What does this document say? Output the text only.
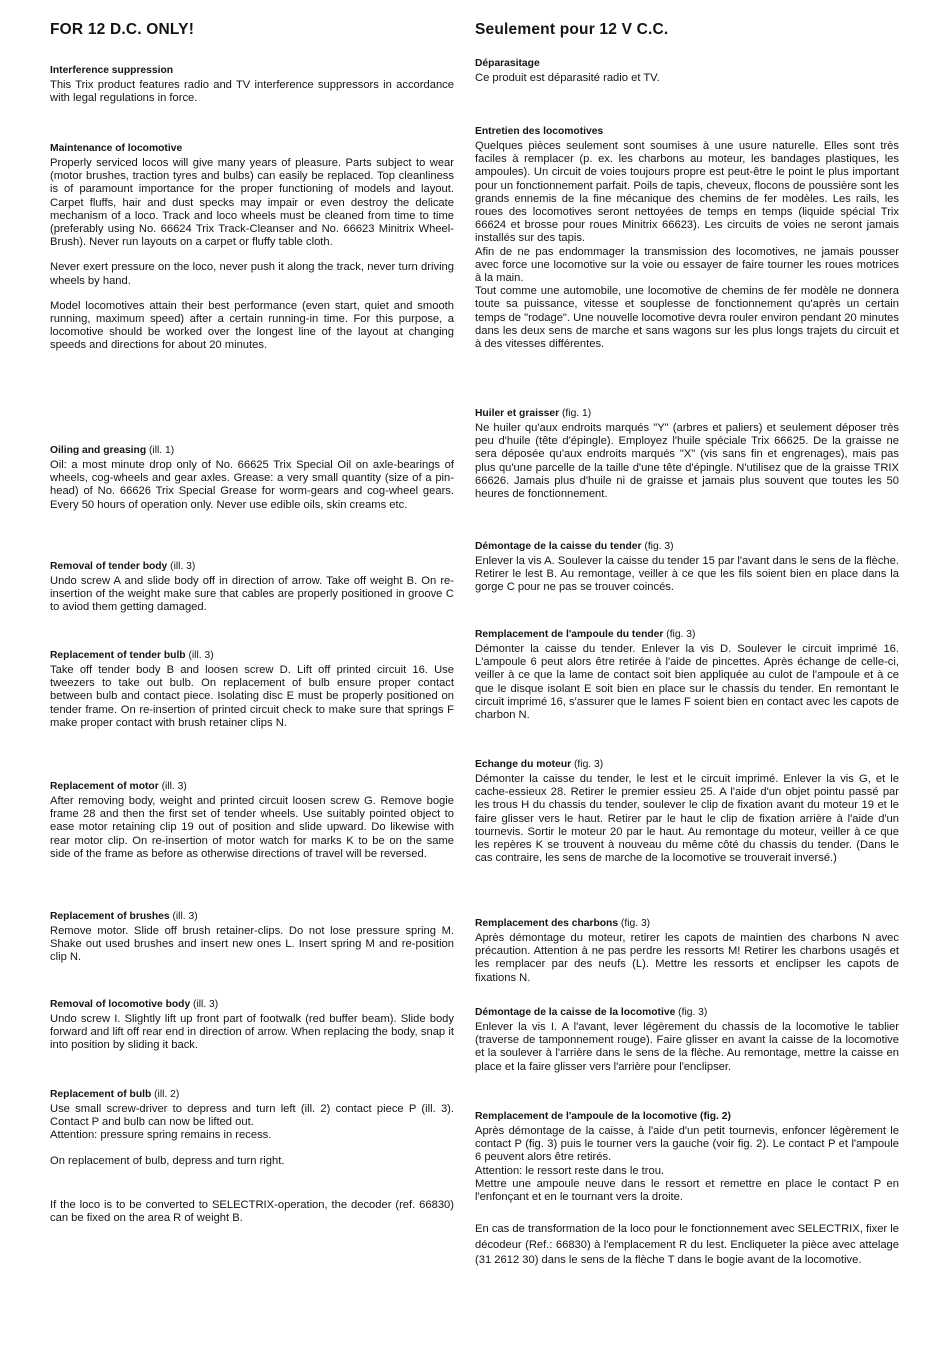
FOR 12 D.C. ONLY!
Interference suppression

This Trix product features radio and TV interference suppressors in accordance with legal regulations in force.

Maintenance of locomotive

Properly serviced locos will give many years of pleasure. Parts subject to wear (motor brushes, traction tyres and bulbs) can easily be replaced. Top cleanliness is of paramount importance for the proper functioning of models and layout. Carpet fluffs, hair and dust specks may impair or even destroy the delicate mechanism of a loco. Track and loco wheels must be cleaned from time to time (preferably using No. 66624 Trix Track-Cleanser and No. 66623 Minitrix Wheel-Brush). Never run layouts on a carpet or fluffy table cloth.

Never exert pressure on the loco, never push it along the track, never turn driving wheels by hand.

Model locomotives attain their best performance (even start, quiet and smooth running, maximum speed) after a certain running-in time. For this purpose, a locomotive should be worked over the longest line of the layout at changing speeds and directions for about 20 minutes.

Oiling and greasing (ill. 1)

Oil: a most minute drop only of No. 66625 Trix Special Oil on axle-bearings of wheels, cog-wheels and gear axles. Grease: a very small quantity (size of a pin-head) of No. 66626 Trix Special Grease for worm-gears and cog-wheel gears. Every 50 hours of operation only. Never use edible oils, skin creams etc.

Removal of tender body (ill. 3)

Undo screw A and slide body off in direction of arrow. Take off weight B. On re-insertion of the weight make sure that cables are properly positioned in groove C to aviod them getting damaged.

Replacement of tender bulb (ill. 3)

Take off tender body B and loosen screw D. Lift off printed circuit 16. Use tweezers to take out bulb. On replacement of bulb ensure proper contact between bulb and contact piece. Isolating disc E must be properly positioned on tender frame. On re-insertion of printed circuit check to make sure that springs F make proper contact with brush retainer clips N.

Replacement of motor (ill. 3)

After removing body, weight and printed circuit loosen screw G. Remove bogie frame 28 and then the first set of tender wheels. Use suitably pointed object to ease motor retaining clip 19 out of position and slide upward. Do likewise with rear motor clip. On re-insertion of motor watch for marks K to be on the same side of the frame as before as otherwise directions of travel will be reversed.

Replacement of brushes (ill. 3)

Remove motor. Slide off brush retainer-clips. Do not lose pressure spring M. Shake out used brushes and insert new ones L. Insert spring M and re-position clip N.

Removal of locomotive body (ill. 3)

Undo screw I. Slightly lift up front part of footwalk (red buffer beam). Slide body forward and lift off rear end in direction of arrow. When replacing the body, snap it into position by sliding it back.

Replacement of bulb (ill. 2)

Use small screw-driver to depress and turn left (ill. 2) contact piece P (ill. 3). Contact P and bulb can now be lifted out.

Attention: pressure spring remains in recess.

On replacement of bulb, depress and turn right.

If the loco is to be converted to SELECTRIX-operation, the decoder (ref. 66830) can be fixed on the area R of weight B.

Seulement pour 12 V C.C.
Déparasitage

Ce produit est déparasité radio et TV.

Entretien des locomotives

Quelques pièces seulement sont soumises à une usure naturelle. Elles sont très faciles à remplacer (p. ex. les charbons au moteur, les bandages plastiques, les ampoules). Un circuit de voies toujours propre est peut-être le point le plus important pour un fonctionnement parfait. Poils de tapis, cheveux, flocons de poussière sont les grands ennemis de la fine mécanique des chemins de fer modèles. Les rails, les roues des locomotives seront nettoyées de temps en temps (liquide spécial Trix 66624 et brosse pour roues Minitrix 66623). Les circuits de voies ne seront jamais installés sur des tapis.

Afin de ne pas endommager la transmission des locomotives, ne jamais pousser avec force une locomotive sur la voie ou essayer de faire tourner les roues motrices à la main.

Tout comme une automobile, une locomotive de chemins de fer modèle ne donnera toute sa puissance, vitesse et souplesse de fonctionnement qu'après un certain temps de "rodage". Une nouvelle locomotive devra rouler environ pendant 20 minutes dans les deux sens de marche et sans wagons sur les plus longs trajets du circuit et à des vitesses différentes.

Huiler et graisser (fig. 1)

Ne huiler qu'aux endroits marqués "Y" (arbres et paliers) et seulement déposer très peu d'huile (tête d'épingle). Employez l'huile spéciale Trix 66625. De la graisse ne sera déposée qu'aux endroits marqués "X" (vis sans fin et engrenages), mais pas plus qu'une parcelle de la taille d'une tête d'épingle. N'utilisez que de la graisse TRIX 66626. Jamais plus d'huile ni de graisse et jamais plus souvent que toutes les 50 heures de fonctionnement.

Démontage de la caisse du tender (fig. 3)

Enlever la vis A. Soulever la caisse du tender 15 par l'avant dans le sens de la flèche. Retirer le lest B. Au remontage, veiller à ce que les fils soient bien en place dans la gorge C pour ne pas se trouver coincés.

Remplacement de l'ampoule du tender (fig. 3)

Démonter la caisse du tender. Enlever la vis D. Soulever le circuit imprimé 16. L'ampoule 6 peut alors être retirée à l'aide de pincettes. Après échange de celle-ci, veiller à ce que la lame de contact soit bien appliquée au culot de l'ampoule et à ce que le disque isolant E soit bien en place sur le chassis du tender. En remontant le circuit imprimé 16, s'assurer que le lames F soient bien en contact avec les capots de charbon N.

Echange du moteur (fig. 3)

Démonter la caisse du tender, le lest et le circuit imprimé. Enlever la vis G, et le cache-essieux 28. Retirer le premier essieu 25. A l'aide d'un objet pointu passé par les trous H du chassis du tender, soulever le clip de fixation avant du moteur 19 et le faire glisser vers le haut. Retirer par le haut le clip de fixation arrière à l'aide d'un tournevis. Sortir le moteur 20 par le haut. Au remontage du moteur, veiller à ce que les repères K se trouvent à nouveau du même côté du chassis du tender. (Dans le cas contraire, les sens de marche de la locomotive se trouverait inversé.)

Remplacement des charbons (fig. 3)

Après démontage du moteur, retirer les capots de maintien des charbons N avec précaution. Attention à ne pas perdre les ressorts M! Retirer les charbons usagés et les remplacer par des neufs (L). Mettre les ressorts et enclipser les capots de fixations N.

Démontage de la caisse de la locomotive (fig. 3)

Enlever la vis I. A l'avant, lever légèrement du chassis de la locomotive le tablier (traverse de tamponnement rouge). Faire glisser en avant la caisse de la locomotive et la soulever à l'arrière dans le sens de la flèche. Au remontage, mettre la caisse en place et la faire glisser vers l'arrière pour l'enclipser.

Remplacement de l'ampoule de la locomotive (fig. 2)

Après démontage de la caisse, à l'aide d'un petit tournevis, enfoncer légèrement le contact P (fig. 3) puis le tourner vers la gauche (voir fig. 2). Le contact P et l'ampoule 6 peuvent alors être retirés.

Attention: le ressort reste dans le trou.

Mettre une ampoule neuve dans le ressort et remettre en place le contact P en l'enfonçant et en le tournant vers la droite.

En cas de transformation de la loco pour le fonctionnement avec SELECTRIX, fixer le décodeur (Ref.: 66830) à l'emplacement R du lest. Encliqueter la pièce avec attelage (31 2612 30) dans le sens de la flèche T dans le bogie avant de la locomotive.
